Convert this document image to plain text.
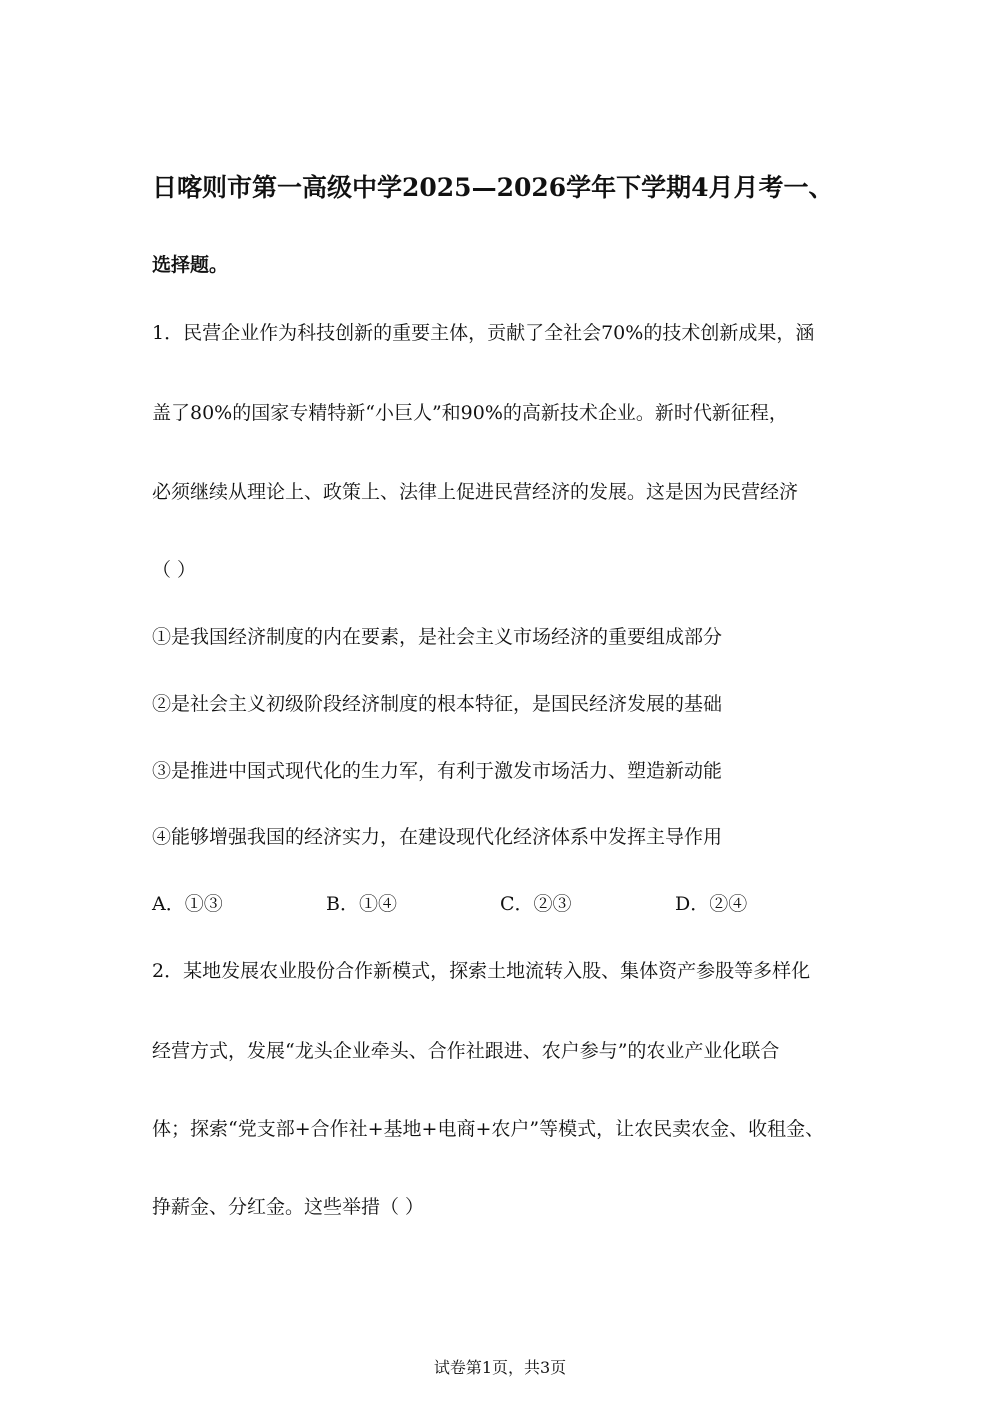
日喀则市第一高级中学2025—2026学年下学期4月月考一、
选择题。
1．民营企业作为科技创新的重要主体，贡献了全社会70%的技术创新成果，涵
盖了80%的国家专精特新“小巨人”和90%的高新技术企业。新时代新征程，
必须继续从理论上、政策上、法律上促进民营经济的发展。这是因为民营经济
（ ）
①是我国经济制度的内在要素，是社会主义市场经济的重要组成部分
②是社会主义初级阶段经济制度的根本特征，是国民经济发展的基础
③是推进中国式现代化的生力军，有利于激发市场活力、塑造新动能
④能够增强我国的经济实力，在建设现代化经济体系中发挥主导作用
A．①③	B．①④	C．②③	D．②④
2．某地发展农业股份合作新模式，探索土地流转入股、集体资产参股等多样化
经营方式，发展“龙头企业牵头、合作社跟进、农户参与”的农业产业化联合
体；探索“党支部+合作社+基地+电商+农户”等模式，让农民卖农金、收租金、
挣薪金、分红金。这些举措（ ）
试卷第1页，共3页
